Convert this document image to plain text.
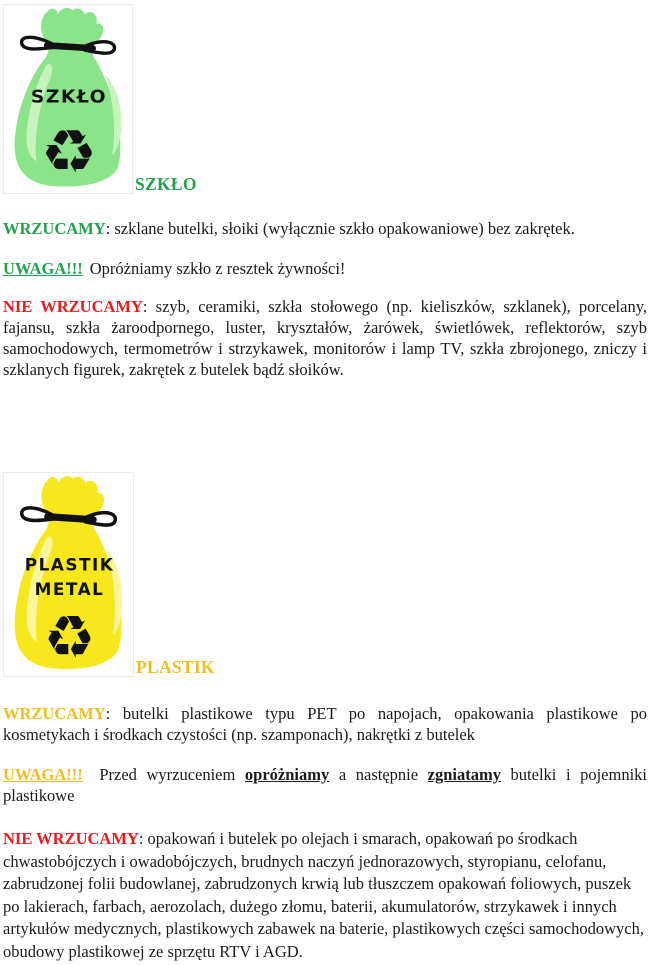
SZKŁO
♻ SZKŁO

WRZUCAMY: szklane butelki, słoiki (wyłącznie szkło opakowaniowe) bez zakrętek.

UWAGA!!! Opróżniamy szkło z resztek żywności!

NIE WRZUCAMY: szyb, ceramiki, szkła stołowego (np. kieliszków, szklanek), porcelany, fajansu, szkła żaroodpornego, luster, kryształów, żarówek, świetlówek, reflektorów, szyb samochodowych, termometrów i strzykawek, monitorów i lamp TV, szkła zbrojonego, zniczy i szklanych figurek, zakrętek z butelek bądź słoików.

PLASTIK
METAL
♻ PLASTIK

WRZUCAMY: butelki plastikowe typu PET po napojach, opakowania plastikowe po kosmetykach i środkach czystości (np. szamponach), nakrętki z butelek

UWAGA!!! Przed wyrzuceniem opróżniamy a następnie zgniatamy butelki i pojemniki plastikowe

NIE WRZUCAMY: opakowań i butelek po olejach i smarach, opakowań po środkach chwastobójczych i owadobójczych, brudnych naczyń jednorazowych, styropianu, celofanu, zabrudzonej folii budowlanej, zabrudzonych krwią lub tłuszczem opakowań foliowych, puszek po lakierach, farbach, aerozolach, dużego złomu, baterii, akumulatorów, strzykawek i innych artykułów medycznych, plastikowych zabawek na baterie, plastikowych części samochodowych, obudowy plastikowej ze sprzętu RTV i AGD.
